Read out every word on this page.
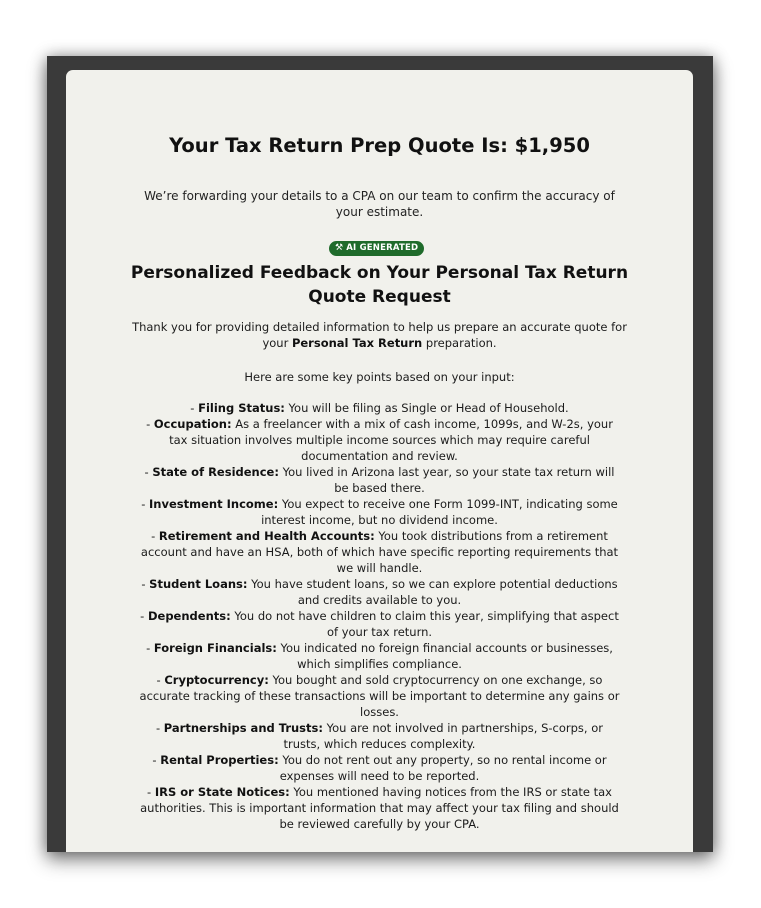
Your Tax Return Prep Quote Is: $1,950

We’re forwarding your details to a CPA on our team to confirm the accuracy of your estimate.

⚒ AI GENERATED
Personalized Feedback on Your Personal Tax Return Quote Request

Thank you for providing detailed information to help us prepare an accurate quote for your Personal Tax Return preparation.

Here are some key points based on your input:

- Filing Status: You will be filing as Single or Head of Household.
- Occupation: As a freelancer with a mix of cash income, 1099s, and W-2s, your tax situation involves multiple income sources which may require careful documentation and review.
- State of Residence: You lived in Arizona last year, so your state tax return will be based there.
- Investment Income: You expect to receive one Form 1099-INT, indicating some interest income, but no dividend income.
- Retirement and Health Accounts: You took distributions from a retirement account and have an HSA, both of which have specific reporting requirements that we will handle.
- Student Loans: You have student loans, so we can explore potential deductions and credits available to you.
- Dependents: You do not have children to claim this year, simplifying that aspect of your tax return.
- Foreign Financials: You indicated no foreign financial accounts or businesses, which simplifies compliance.
- Cryptocurrency: You bought and sold cryptocurrency on one exchange, so accurate tracking of these transactions will be important to determine any gains or losses.
- Partnerships and Trusts: You are not involved in partnerships, S-corps, or trusts, which reduces complexity.
- Rental Properties: You do not rent out any property, so no rental income or expenses will need to be reported.
- IRS or State Notices: You mentioned having notices from the IRS or state tax authorities. This is important information that may affect your tax filing and should be reviewed carefully by your CPA.
